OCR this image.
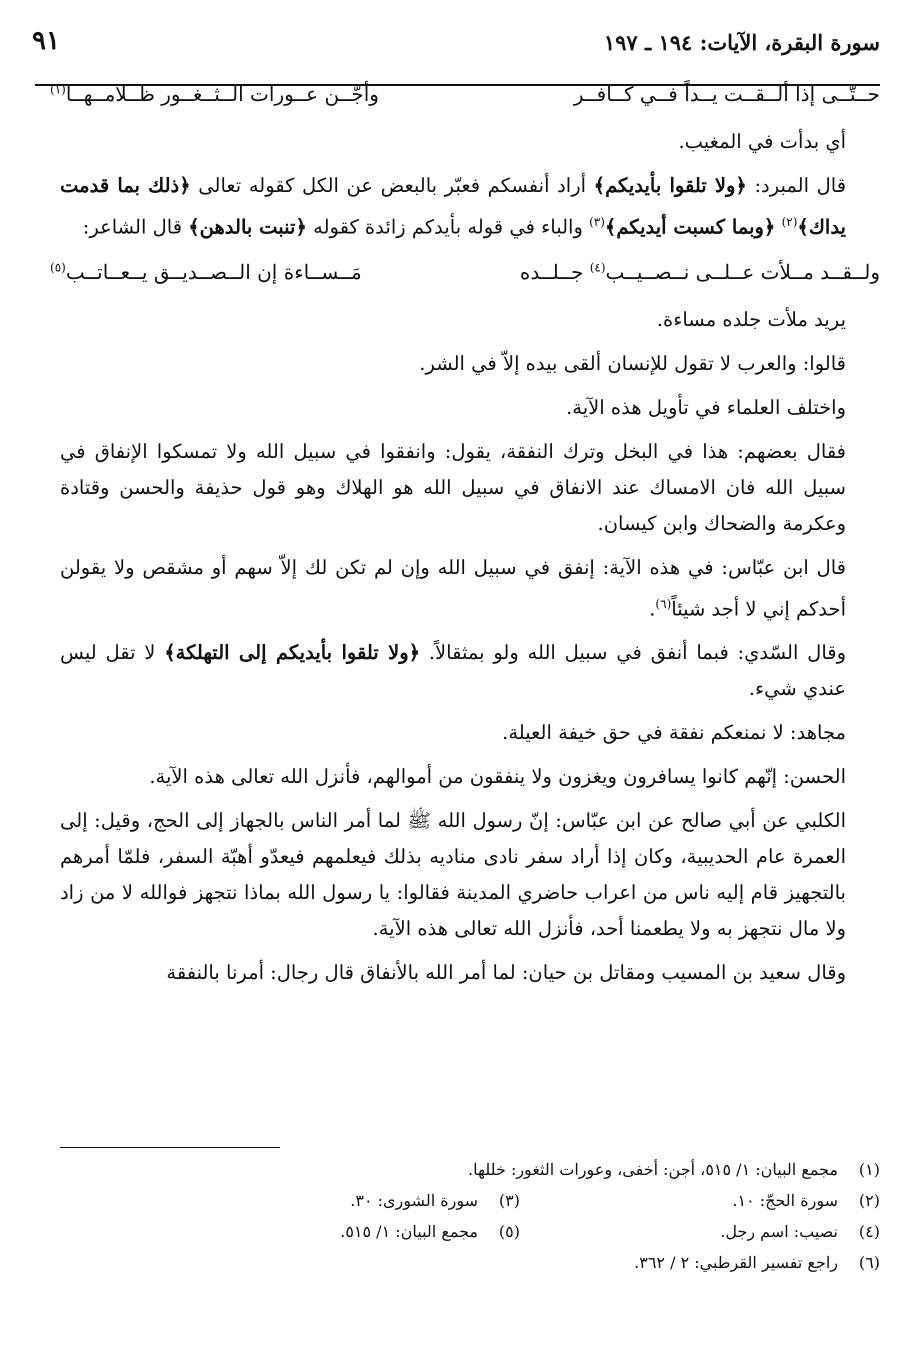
سورة البقرة، الآيات: ١٩٤ ـ ١٩٧
٩١
حــتّــى إذا ألــقــت يــداً فــي كــافــر
وأجّــن عــورات الــثــغــور ظــلامــهــا$^{(١)}$

أي بدأت في المغيب.

قال المبرد: ﴿ولا تلقوا بأيديكم﴾ أراد أنفسكم فعبّر بالبعض عن الكل كقوله تعالى ﴿ذلك بما قدمت يداك﴾$^{(٢)}$ ﴿وبما كسبت أيديكم﴾$^{(٣)}$ والباء في قوله بأيدكم زائدة كقوله ﴿تنبت بالدهن﴾ قال الشاعر:

ولــقــد مــلأت عــلــى نــصــيــب$^{(٤)}$ جــلــده
مَــســاءة إن الــصــديــق يــعــاتــب$^{(٥)}$

يريد ملأت جلده مساءة.

قالوا: والعرب لا تقول للإنسان ألقى بيده إلاّ في الشر.

واختلف العلماء في تأويل هذه الآية.

فقال بعضهم: هذا في البخل وترك النفقة، يقول: وانفقوا في سبيل الله ولا تمسكوا الإنفاق في سبيل الله فان الامساك عند الانفاق في سبيل الله هو الهلاك وهو قول حذيفة والحسن وقتادة وعكرمة والضحاك وابن كيسان.

قال ابن عبّاس: في هذه الآية: إنفق في سبيل الله وإن لم تكن لك إلاّ سهم أو مشقص ولا يقولن أحدكم إني لا أجد شيئاً$^{(٦)}$.

وقال السّدي: فبما أنفق في سبيل الله ولو بمثقالاً. ﴿ولا تلقوا بأيديكم إلى التهلكة﴾ لا تقل ليس عندي شيء.

مجاهد: لا نمنعكم نفقة في حق خيفة العيلة.

الحسن: إنّهم كانوا يسافرون ويغزون ولا ينفقون من أموالهم، فأنزل الله تعالى هذه الآية.

الكلبي عن أبي صالح عن ابن عبّاس: إنّ رسول الله ﷺ لما أمر الناس بالجهاز إلى الحج، وقيل: إلى العمرة عام الحديبية، وكان إذا أراد سفر نادى مناديه بذلك فيعلمهم فيعدّو أهبّة السفر، فلمّا أمرهم بالتجهيز قام إليه ناس من اعراب حاضري المدينة فقالوا: يا رسول الله بماذا نتجهز فوالله لا من زاد ولا مال نتجهز به ولا يطعمنا أحد، فأنزل الله تعالى هذه الآية.

وقال سعيد بن المسيب ومقاتل بن حيان: لما أمر الله بالأنفاق قال رجال: أمرنا بالنفقة

(١)مجمع البيان: ١/ ٥١٥، أجن: أخفى، وعورات الثغور: خللها.
(٢)سورة الحجّ: ١٠.
(٣)سورة الشورى: ٣٠.
(٤)نصيب: اسم رجل.
(٥)مجمع البيان: ١/ ٥١٥.
(٦)راجع تفسير القرطبي: ٢ / ٣٦٢.
